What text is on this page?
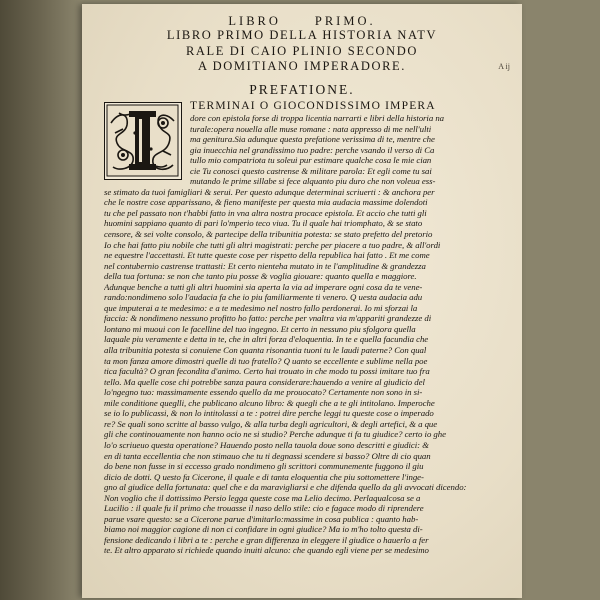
LIBRO	PRIMO.
LIBRO PRIMO DELLA HISTORIA NATV
RALE DI CAIO PLINIO SECONDO
A DOMITIANO IMPERADORE.	A ij
PREFATIONE.
TERMINAI O GIOCONDISSIMO IMPERA
dore con epistola forse di troppa licentia narrarti e libri della historia na
turale:opera nouella alle muse romane : nata appresso di me nell'ulti
ma genitura.Sia adunque questa prefatione verissima di te, mentre che
gia inuecchia nel grandissimo tuo padre: perche vsando il verso di Ca
tullo mio compatriota tu soleui pur estimare qualche cosa le mie cian
cie Tu conosci questo castrense & militare parola: Et egli come tu sai
mutando le prime sillabe si fece alquanto piu duro che non voleua ess-
se stimato da tuoi famigliari & serui. Per questo adunque determinai scriuerti : & anchora per
che le nostre cose apparissano, & fieno manifeste per questa mia audacia massime dolendoti
tu che pel passato non t'habbi fatto in vna altra nostra procace epistola. Et accio che tutti gli
huomini sappiano quanto di pari lo'mperio teco viua. Tu il quale hai triomphato, & se stato
censore, & sei volte consolo, & partecipe della tribunitia potesta: se stato prefetto del pretorio
Io che hai fatto piu nobile che tutti gli altri magistrati: perche per piacere a tuo padre, & all'ordi
ne equestre l'accettasti. Et tutte queste cose per rispetto della republica hai fatto . Et me come
nel contubernio castrense trattasti: Et certo nienteha mutato in te l'amplitudine & grandezza
della tua fortuna: se non che tanto piu posse & voglia giouare: quanto quella e maggiore.
Adunque benche a tutti gli altri huomini sia aperta la via ad imperare ogni cosa da te vene-
rando:nondimeno solo l'audacia fa che io piu familiarmente ti venero. Q uesta audacia adu
que imputerai a te medesimo: e a te medesimo nel nostro fallo perdonerai. Io mi sforzai la
faccia: & nondimeno nessuno profitto ho fatto: perche per vnaltra via m'appariti grandezze di
lontano mi muoui con le facelline del tuo ingegno. Et certo in nessuno piu sfolgora quella
laquale piu veramente e detta in te, che in altri forza d'eloquentia. In te e quella facundia che
alla tribunitia potesta si conuiene Con quanta risonantia tuoni tu le laudi paterne? Con qual
ta mon fanza amore dimostri quelle di tuo fratello? Q uanto se eccellente e sublime nella poe
tica facultà? O gran fecondita d'animo. Certo hai trouato in che modo tu possi imitare tuo fra
tello. Ma quelle cose chi potrebbe sanza paura considerare:hauendo a venire al giudicio del
lo'ngegno tuo: massimamente essendo quello da me prouocato? Certamente non sono in si-
mile conditione queglli, che publicano alcuno libro: & quegli che a te gli intitolano. Imperoche
se io lo publicassi, & non lo intitolassi a te : potrei dire perche leggi tu queste cose o imperado
re? Se quali sono scritte al basso vulgo, & alla turba degli agricultori, & degli artefici, & a que
gli che continouamente non hanno ocio ne si studio? Perche adunque ti fa tu giudice? certo io ghe
lo'o scriueuo questa operatione? Hauendo posto nella tauola doue sono descritti e giudici: &
en di tanta eccellentia che non stimauo che tu ti degnassi scendere si basso? Oltre di cio quan
do bene non fusse in si eccesso grado nondimeno gli scrittori communemente fuggono il giu
dicio de dotti. Q uesto fa Cicerone, il quale e di tanta eloquentia che piu sottomettere l'inge-
gno al giudice della fortunata: quel che e da maravigliarsi e che difenda quello da gli avvocati dicendo:
Non voglio che il dottissimo Persio legga queste cose ma Lelio decimo. Perlaqualcosa se a
Lucilio : il quale fu il primo che trouasse il naso dello stile: cio e fagace modo di riprendere
parue vsare questo: se a Cicerone parue d'imitarlo:massime in cosa publica : quanto hab-
biamo noi maggior cagione di non ci confidare in ogni giudice? Ma io m'ho tolto questa di-
fensione dedicando i libri a te : perche e gran differenza in eleggere il giudice o hauerlo a fer
te. Et altro apparato si richiede quando inuiti alcuno: che quando egli viene per se medesimo
